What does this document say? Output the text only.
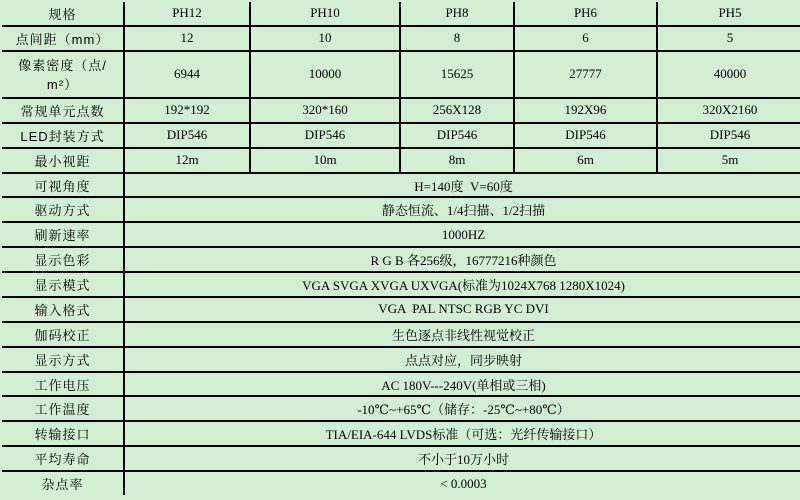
规格	PH12	PH10	PH8	PH6	PH5
点间距（mm）	12	10	8	6	5
像素密度（点/ m²）	6944	10000	15625	27777	40000
常规单元点数	192*192	320*160	256X128	192X96	320X2160
LED封装方式	DIP546	DIP546	DIP546	DIP546	DIP546
最小视距	12m	10m	8m	6m	5m
可视角度	H=140度  V=60度				
驱动方式	静态恒流、1/4扫描、1/2扫描				
刷新速率	1000HZ				
显示色彩	R G B 各256级，16777216种颜色				
显示模式	VGA SVGA XVGA UXVGA(标准为1024X768 1280X1024)				
输入格式	VGA  PAL NTSC RGB YC DVI				
伽码校正	生色逐点非线性视觉校正				
显示方式	点点对应，同步映射				
工作电压	AC 180V---240V(单相或三相)				
工作温度	-10℃~+65℃（储存：-25℃~+80℃）				
转输接口	TIA/EIA-644 LVDS标准（可选：光纤传输接口）				
平均寿命	不小于10万小时				
杂点率	< 0.0003				
